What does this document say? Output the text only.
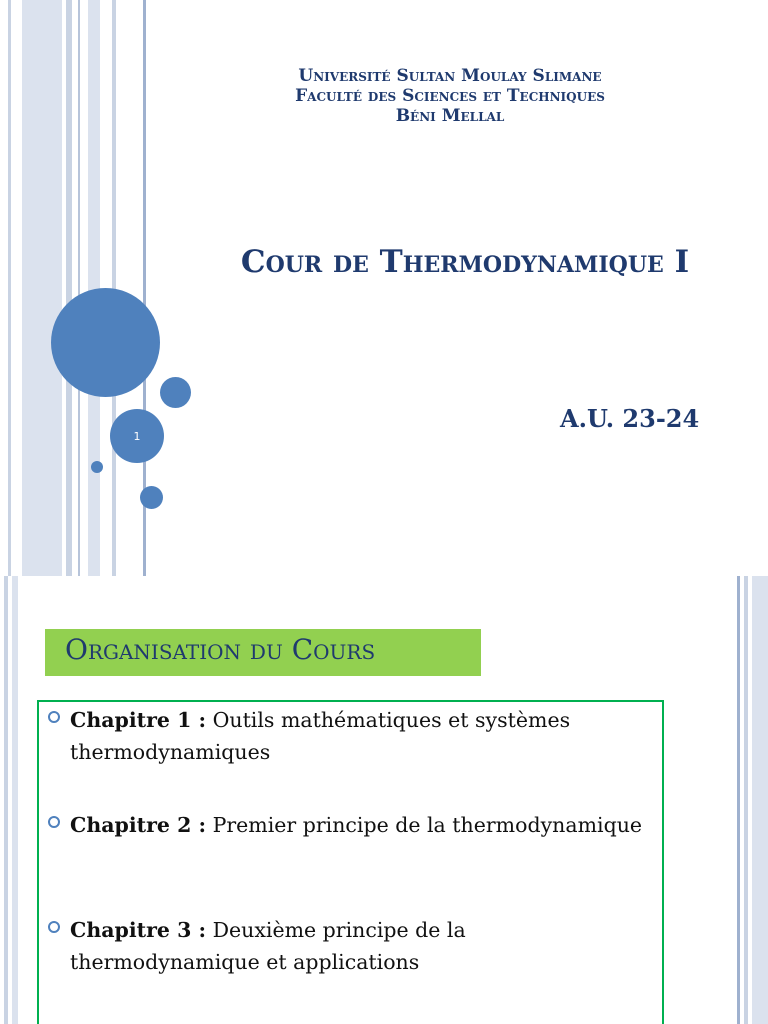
1
Université Sultan Moulay Slimane
Faculté des Sciences et Techniques
Béni Mellal
Cour de Thermodynamique I
A.U. 23-24
Organisation du Cours
Chapitre 1 : Outils mathématiques et systèmes thermodynamiques
Chapitre 2 : Premier principe de la thermodynamique
Chapitre 3 : Deuxième principe de la thermodynamique et applications
